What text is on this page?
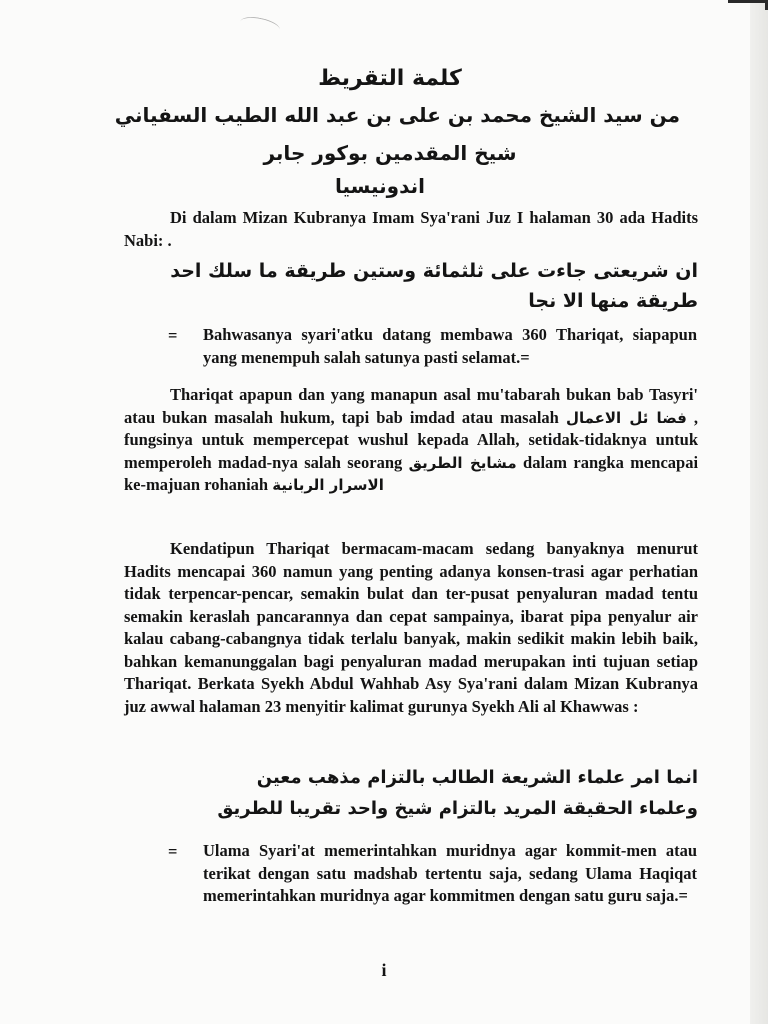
كلمة التقريظ
من سيد الشيخ محمد بن على بن عبد الله الطيب السفياني
شيخ المقدمين بوكور جابر
اندونيسيا
Di dalam Mizan Kubranya Imam Sya'rani Juz I halaman 30 ada Hadits Nabi: .
ان شريعتى جاءت على ثلثمائة وستين طريقة ما سلك احد
طريقة منها الا نجا
= Bahwasanya syari'atku datang membawa 360 Thariqat, siapapun yang menempuh salah satunya pasti selamat.=
Thariqat apapun dan yang manapun asal mu'tabarah bukan bab Tasyri' atau bukan masalah hukum, tapi bab imdad atau masalah فضا ئل الاعمال , fungsinya untuk mempercepat wushul kepada Allah, setidak-tidaknya untuk memperoleh madad-nya salah seorang مشايخ الطريق dalam rangka mencapai ke-majuan rohaniah الاسرار الربانية
Kendatipun Thariqat bermacam-macam sedang banyaknya menurut Hadits mencapai 360 namun yang penting adanya konsen-trasi agar perhatian tidak terpencar-pencar, semakin bulat dan ter-pusat penyaluran madad tentu semakin keraslah pancarannya dan cepat sampainya, ibarat pipa penyalur air kalau cabang-cabangnya tidak terlalu banyak, makin sedikit makin lebih baik, bahkan kemanunggalan bagi penyaluran madad merupakan inti tujuan setiap Thariqat. Berkata Syekh Abdul Wahhab Asy Sya'rani dalam Mizan Kubranya juz awwal halaman 23 menyitir kalimat gurunya Syekh Ali al Khawwas :
انما امر علماء الشريعة الطالب بالتزام مذهب معين
وعلماء الحقيقة المريد بالتزام شيخ واحد تقريبا للطريق
= Ulama Syari'at memerintahkan muridnya agar kommit-men atau terikat dengan satu madshab tertentu saja, sedang Ulama Haqiqat memerintahkan muridnya agar kommitmen dengan satu guru saja.=
i
